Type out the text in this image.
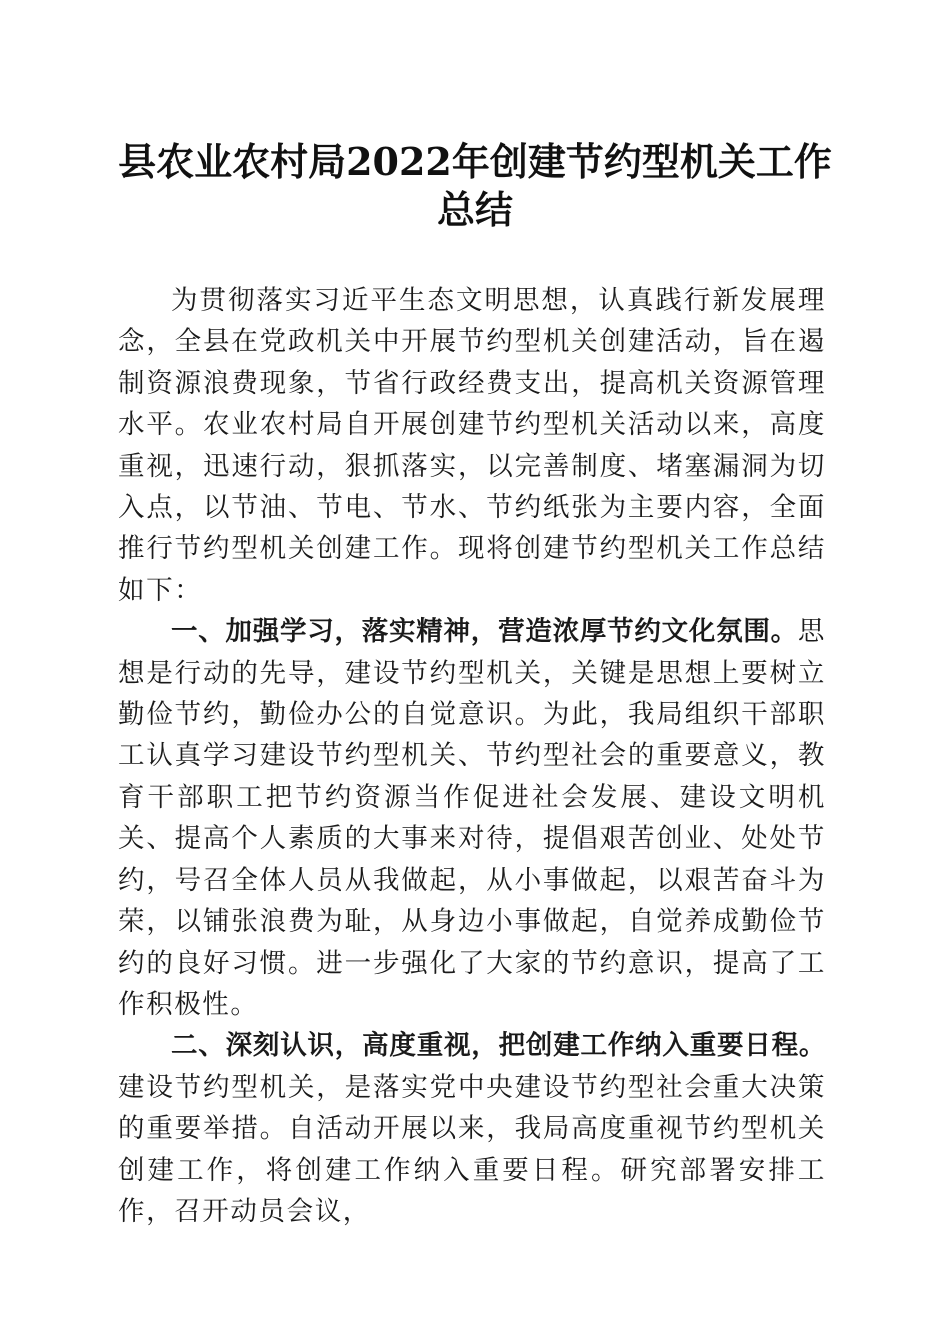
县农业农村局2022年创建节约型机关工作总结

为贯彻落实习近平生态文明思想，认真践行新发展理念，全县在党政机关中开展节约型机关创建活动，旨在遏制资源浪费现象，节省行政经费支出，提高机关资源管理水平。农业农村局自开展创建节约型机关活动以来，高度重视，迅速行动，狠抓落实，以完善制度、堵塞漏洞为切入点，以节油、节电、节水、节约纸张为主要内容，全面推行节约型机关创建工作。现将创建节约型机关工作总结如下：

一、加强学习，落实精神，营造浓厚节约文化氛围。思想是行动的先导，建设节约型机关，关键是思想上要树立勤俭节约，勤俭办公的自觉意识。为此，我局组织干部职工认真学习建设节约型机关、节约型社会的重要意义，教育干部职工把节约资源当作促进社会发展、建设文明机关、提高个人素质的大事来对待，提倡艰苦创业、处处节约，号召全体人员从我做起，从小事做起，以艰苦奋斗为荣，以铺张浪费为耻，从身边小事做起，自觉养成勤俭节约的良好习惯。进一步强化了大家的节约意识，提高了工作积极性。

二、深刻认识，高度重视，把创建工作纳入重要日程。建设节约型机关，是落实党中央建设节约型社会重大决策的重要举措。自活动开展以来，我局高度重视节约型机关创建工作，将创建工作纳入重要日程。研究部署安排工作，召开动员会议，
